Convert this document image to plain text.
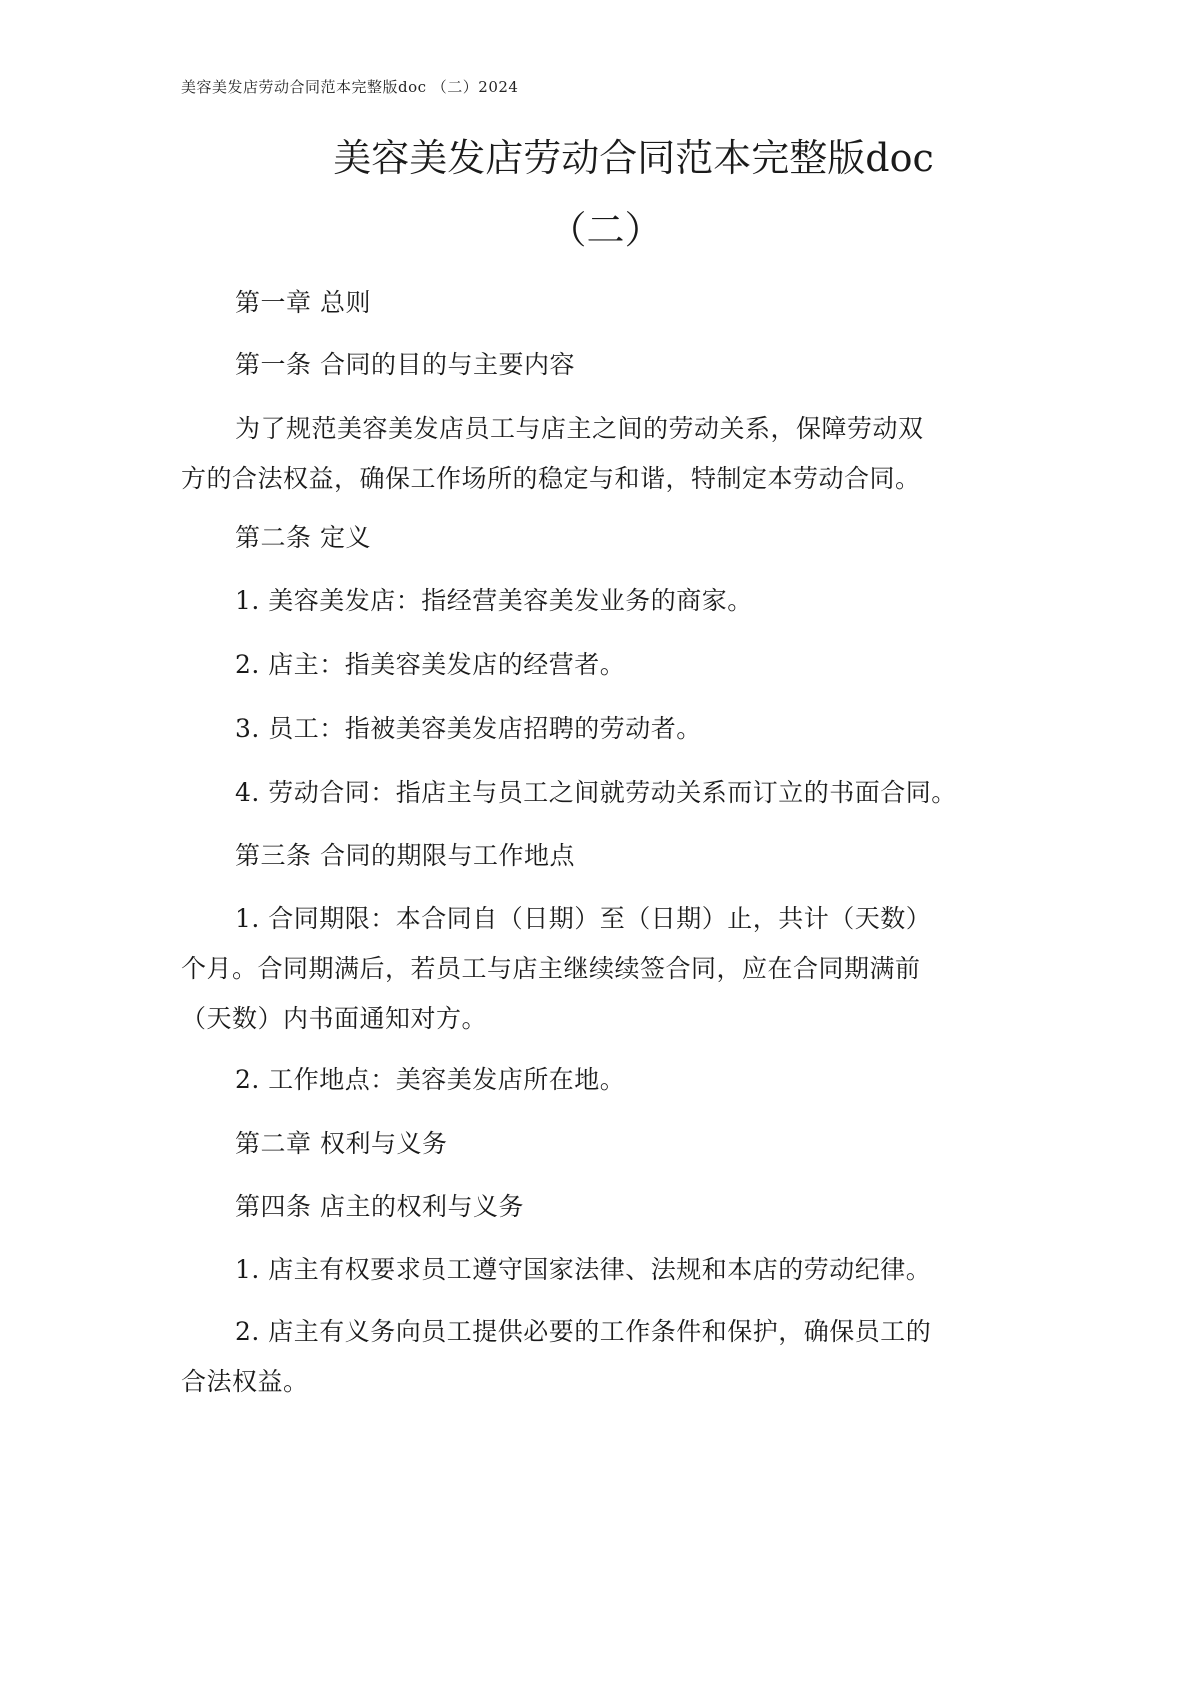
美容美发店劳动合同范本完整版doc （二）2024
美容美发店劳动合同范本完整版doc
（二）
第一章 总则
第一条 合同的目的与主要内容
为了规范美容美发店员工与店主之间的劳动关系，保障劳动双
方的合法权益，确保工作场所的稳定与和谐，特制定本劳动合同。
第二条 定义
1. 美容美发店：指经营美容美发业务的商家。
2. 店主：指美容美发店的经营者。
3. 员工：指被美容美发店招聘的劳动者。
4. 劳动合同：指店主与员工之间就劳动关系而订立的书面合同。
第三条 合同的期限与工作地点
1. 合同期限：本合同自（日期）至（日期）止，共计（天数）
个月。合同期满后，若员工与店主继续续签合同，应在合同期满前
（天数）内书面通知对方。
2. 工作地点：美容美发店所在地。
第二章 权利与义务
第四条 店主的权利与义务
1. 店主有权要求员工遵守国家法律、法规和本店的劳动纪律。
2. 店主有义务向员工提供必要的工作条件和保护，确保员工的
合法权益。
